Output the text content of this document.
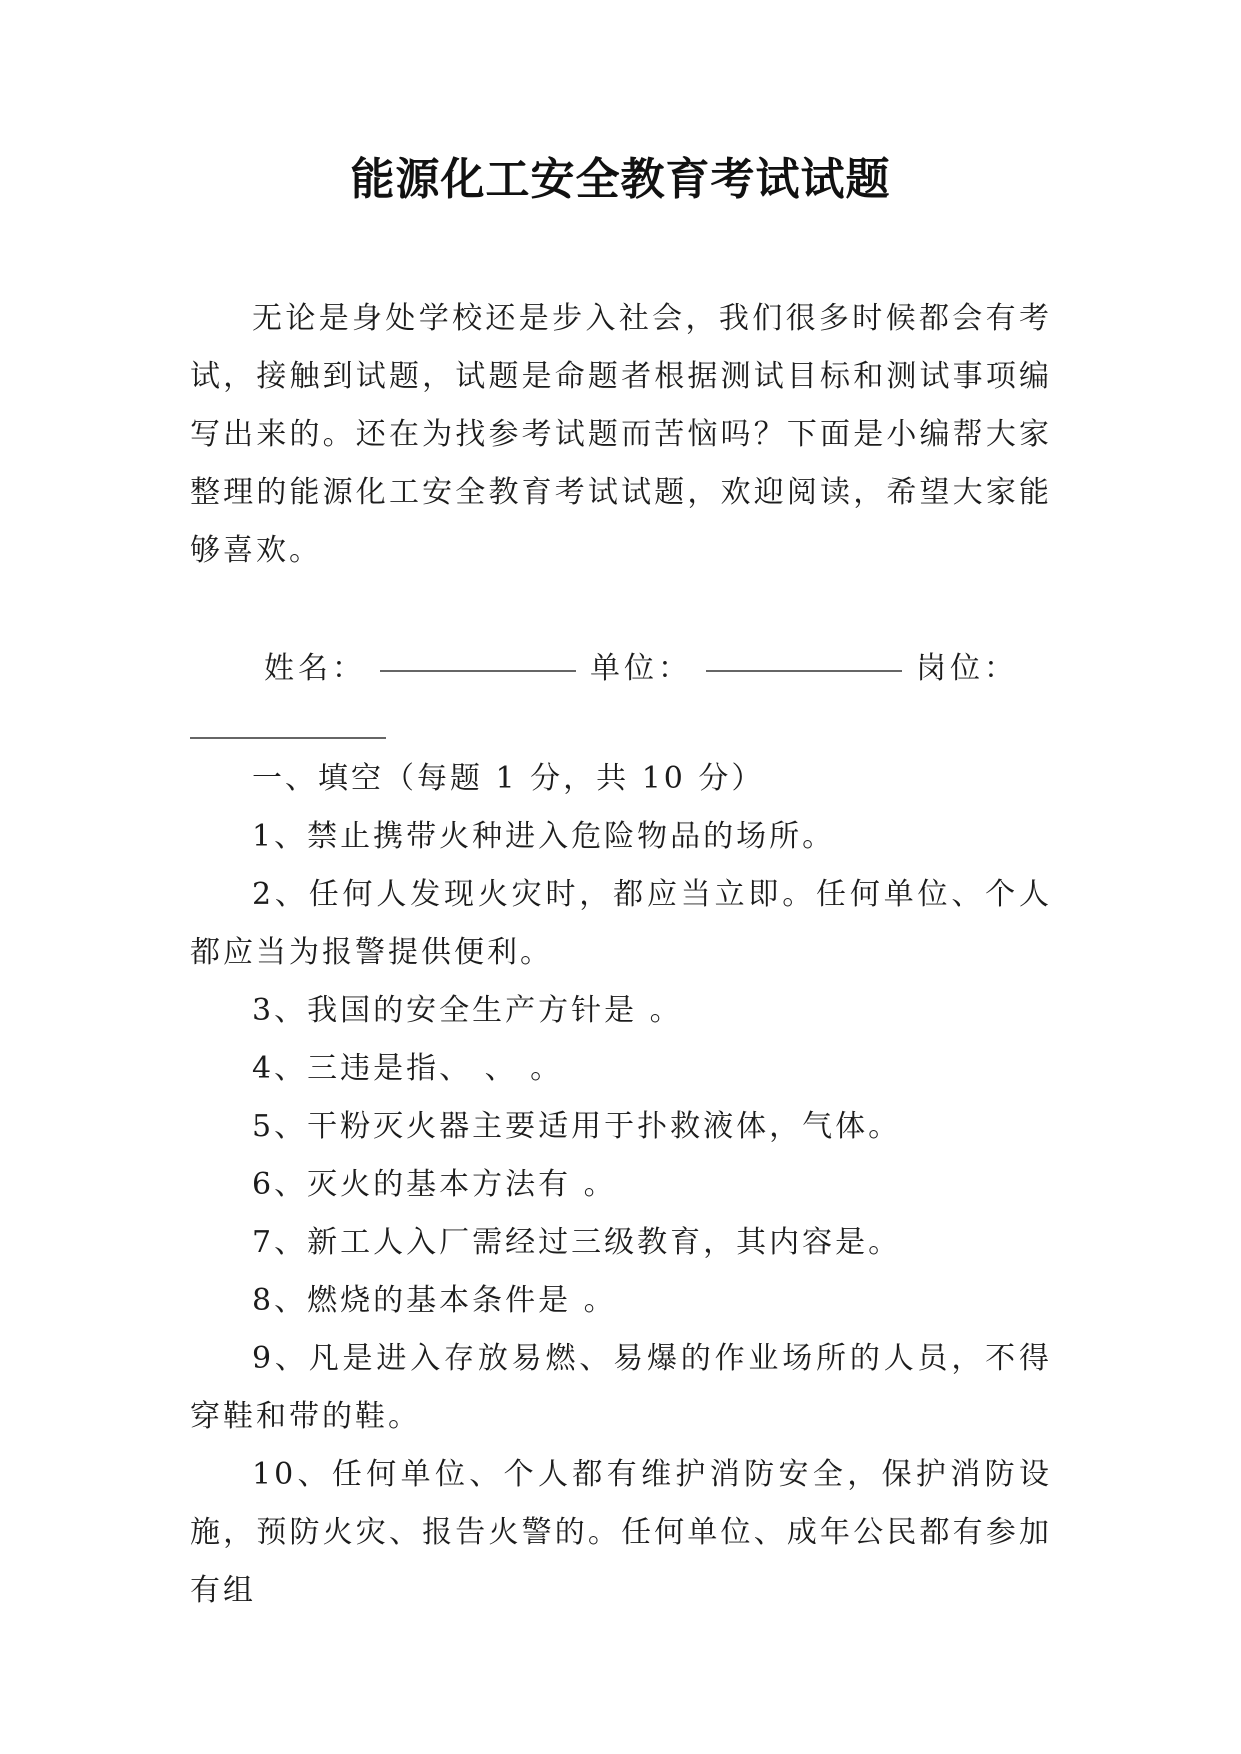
能源化工安全教育考试试题
无论是身处学校还是步入社会，我们很多时候都会有考试，接触到试题，试题是命题者根据测试目标和测试事项编写出来的。还在为找参考试题而苦恼吗？下面是小编帮大家整理的能源化工安全教育考试试题，欢迎阅读，希望大家能够喜欢。
姓名：	单位：	岗位：

一、填空（每题 1 分，共 10 分）

1、禁止携带火种进入危险物品的场所。

2、任何人发现火灾时，都应当立即。任何单位、个人都应当为报警提供便利。

3、我国的安全生产方针是 。

4、三违是指、 、 。

5、干粉灭火器主要适用于扑救液体，气体。

6、灭火的基本方法有 。

7、新工人入厂需经过三级教育，其内容是。

8、燃烧的基本条件是 。

9、凡是进入存放易燃、易爆的作业场所的人员，不得穿鞋和带的鞋。

10、任何单位、个人都有维护消防安全，保护消防设施，预防火灾、报告火警的。任何单位、成年公民都有参加有组
